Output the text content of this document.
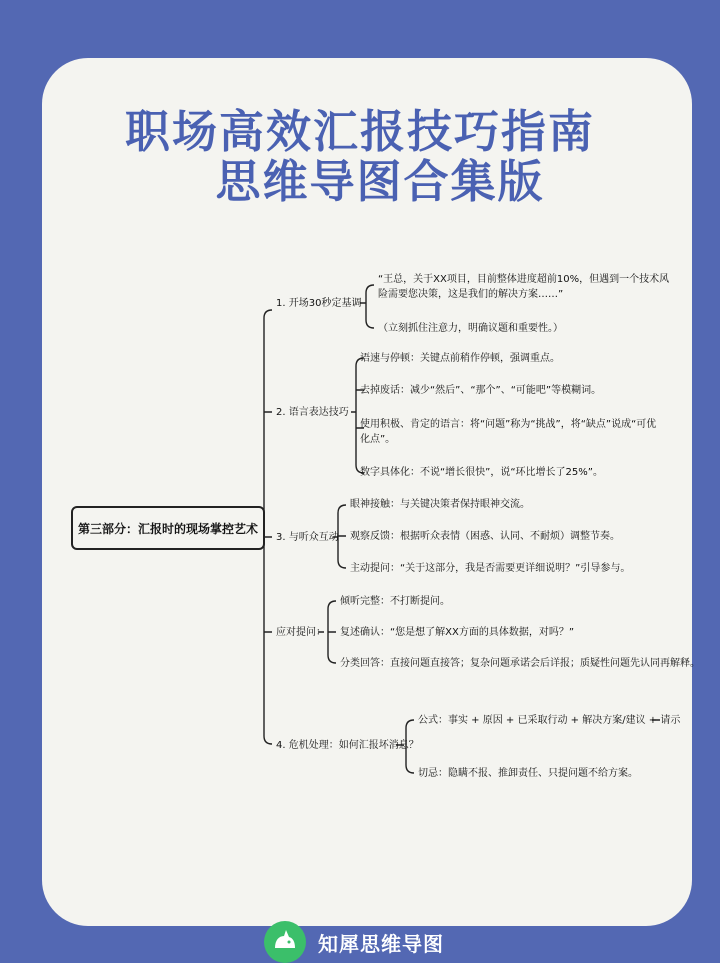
职场高效汇报技巧指南
思维导图合集版
第三部分：汇报时的现场掌控艺术
1. 开场30秒定基调
2. 语言表达技巧
3. 与听众互动
应对提问：
4. 危机处理：如何汇报坏消息？
“王总，关于XX项目，目前整体进度超前10%，但遇到一个技术风险需要您决策，这是我们的解决方案……”
（立刻抓住注意力，明确议题和重要性。）
语速与停顿：关键点前稍作停顿，强调重点。
去掉废话：减少“然后”、“那个”、“可能吧”等模糊词。
使用积极、肯定的语言：将“问题”称为“挑战”，将“缺点”说成“可优化点”。
数字具体化：不说“增长很快”，说“环比增长了25%”。
眼神接触：与关键决策者保持眼神交流。
观察反馈：根据听众表情（困惑、认同、不耐烦）调整节奏。
主动提问：“关于这部分，我是否需要更详细说明？”引导参与。
倾听完整：不打断提问。
复述确认：“您是想了解XX方面的具体数据，对吗？”
分类回答：直接问题直接答；复杂问题承诺会后详报；质疑性问题先认同再解释。
公式：事实 + 原因 + 已采取行动 + 解决方案/建议 + 请示
切忌：隐瞒不报、推卸责任、只提问题不给方案。
知犀思维导图
